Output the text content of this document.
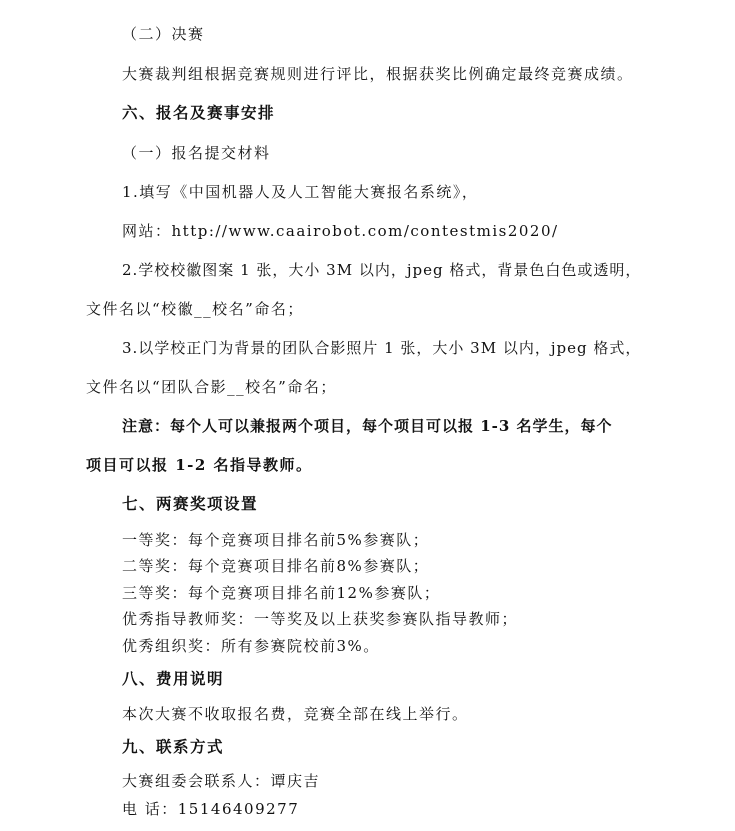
（二）决赛
大赛裁判组根据竞赛规则进行评比，根据获奖比例确定最终竞赛成绩。
六、报名及赛事安排
（一）报名提交材料
1.填写《中国机器人及人工智能大赛报名系统》，
网站：http://www.caairobot.com/contestmis2020/
2.学校校徽图案 1 张，大小 3M 以内，jpeg 格式，背景色白色或透明，
文件名以“校徽__校名”命名；
3.以学校正门为背景的团队合影照片 1 张，大小 3M 以内，jpeg 格式，
文件名以“团队合影__校名”命名；
注意：每个人可以兼报两个项目，每个项目可以报 1-3 名学生，每个
项目可以报 1-2 名指导教师。
七、两赛奖项设置
一等奖：每个竞赛项目排名前5%参赛队；
二等奖：每个竞赛项目排名前8%参赛队；
三等奖：每个竞赛项目排名前12%参赛队；
优秀指导教师奖：一等奖及以上获奖参赛队指导教师；
优秀组织奖：所有参赛院校前3%。
八、费用说明
本次大赛不收取报名费，竞赛全部在线上举行。
九、联系方式
大赛组委会联系人：谭庆吉
电 话：15146409277
